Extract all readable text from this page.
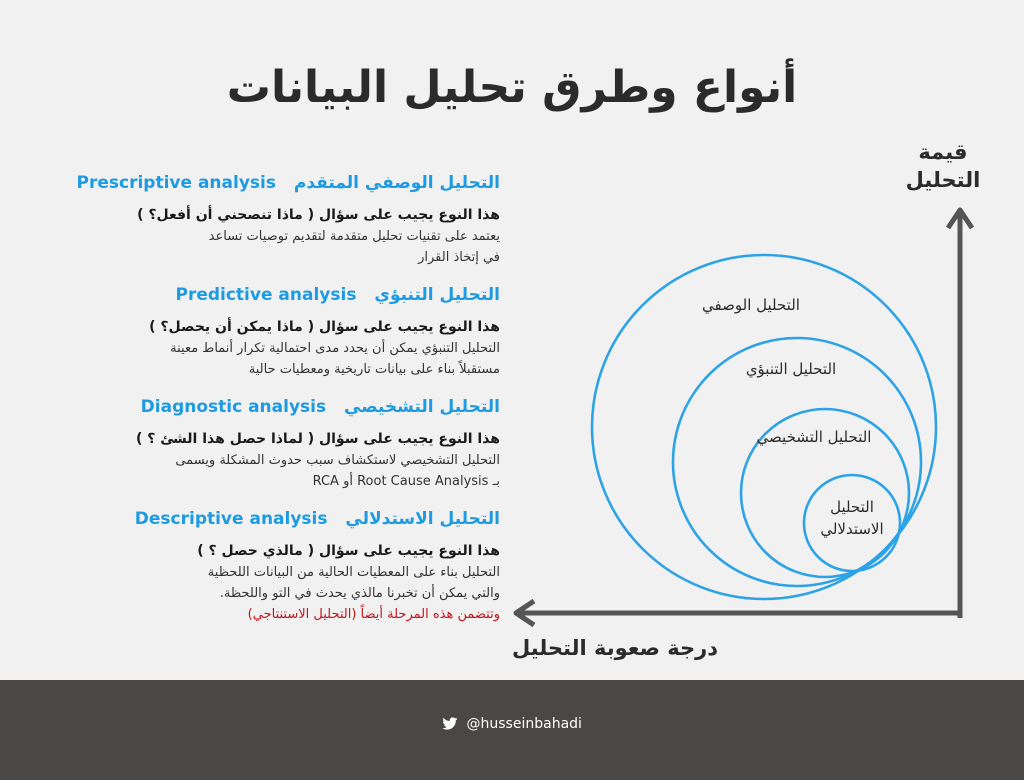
أنواع وطرق تحليل البيانات
التحليل الوصفي المتقدم Prescriptive analysis
هذا النوع يجيب على سؤال ( ماذا تنصحني أن أفعل؟ )
يعتمد على تقنيات تحليل متقدمة لتقديم توصيات تساعد
في إتخاذ القرار
التحليل التنبؤي Predictive analysis
هذا النوع يجيب على سؤال ( ماذا يمكن أن يحصل؟ )
التحليل التنبؤي يمكن أن يحدد مدى احتمالية تكرار أنماط معينة
مستقبلاً بناء على بيانات تاريخية ومعطيات حالية
التحليل التشخيصي Diagnostic analysis
هذا النوع يجيب على سؤال ( لماذا حصل هذا الشئ ؟ )
التحليل التشخيصي لاستكشاف سبب حدوث المشكلة ويسمى
بـ Root Cause Analysis أو RCA
التحليل الاستدلالي Descriptive analysis
هذا النوع يجيب على سؤال ( مالذي حصل ؟ )
التحليل بناء على المعطيات الحالية من البيانات اللحظية
والتي يمكن أن تخبرنا مالذي يحدث في التو واللحظة.
وتتضمن هذه المرحلة أيضاً (التحليل الاستنتاجي)
قيمة
التحليل
درجة صعوبة التحليل
التحليل الوصفي
التحليل التنبؤي
التحليل التشخيصي
التحليل
الاستدلالي
@husseinbahadi
